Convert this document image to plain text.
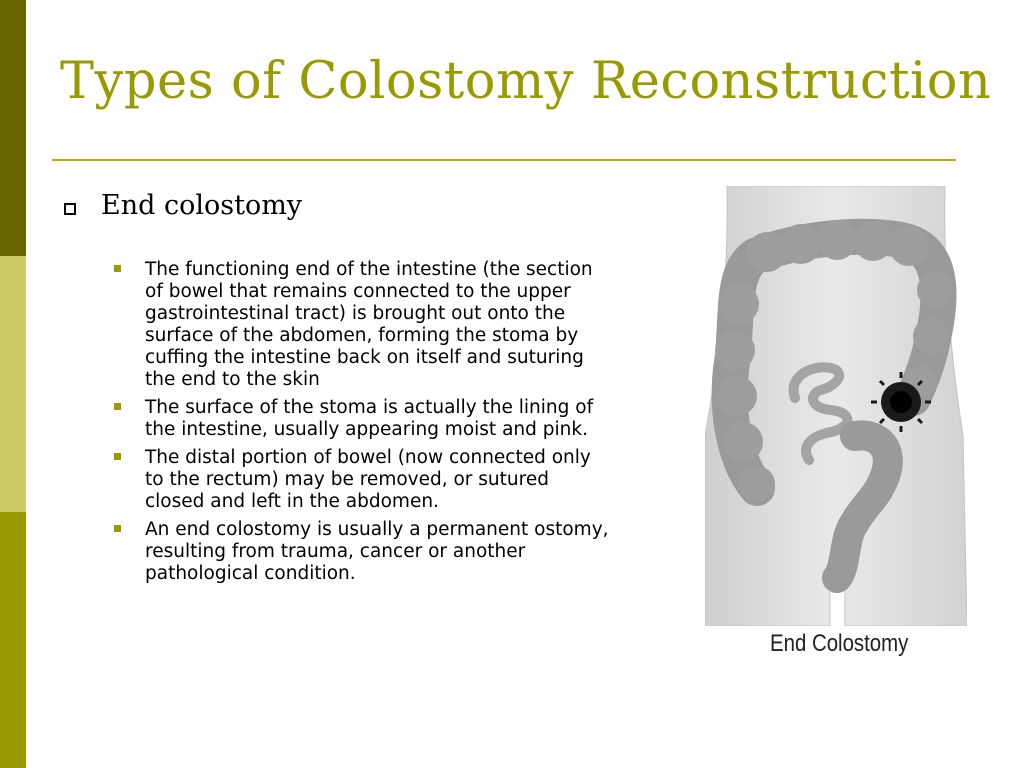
Types of Colostomy Reconstruction
End colostomy
The functioning end of the intestine (the section of bowel that remains connected to the upper gastrointestinal tract) is brought out onto the surface of the abdomen, forming the stoma by cuffing the intestine back on itself and suturing the end to the skin
The surface of the stoma is actually the lining of the intestine, usually appearing moist and pink.
The distal portion of bowel (now connected only to the rectum) may be removed, or sutured closed and left in the abdomen.
An end colostomy is usually a permanent ostomy, resulting from trauma, cancer or another pathological condition.
End Colostomy
